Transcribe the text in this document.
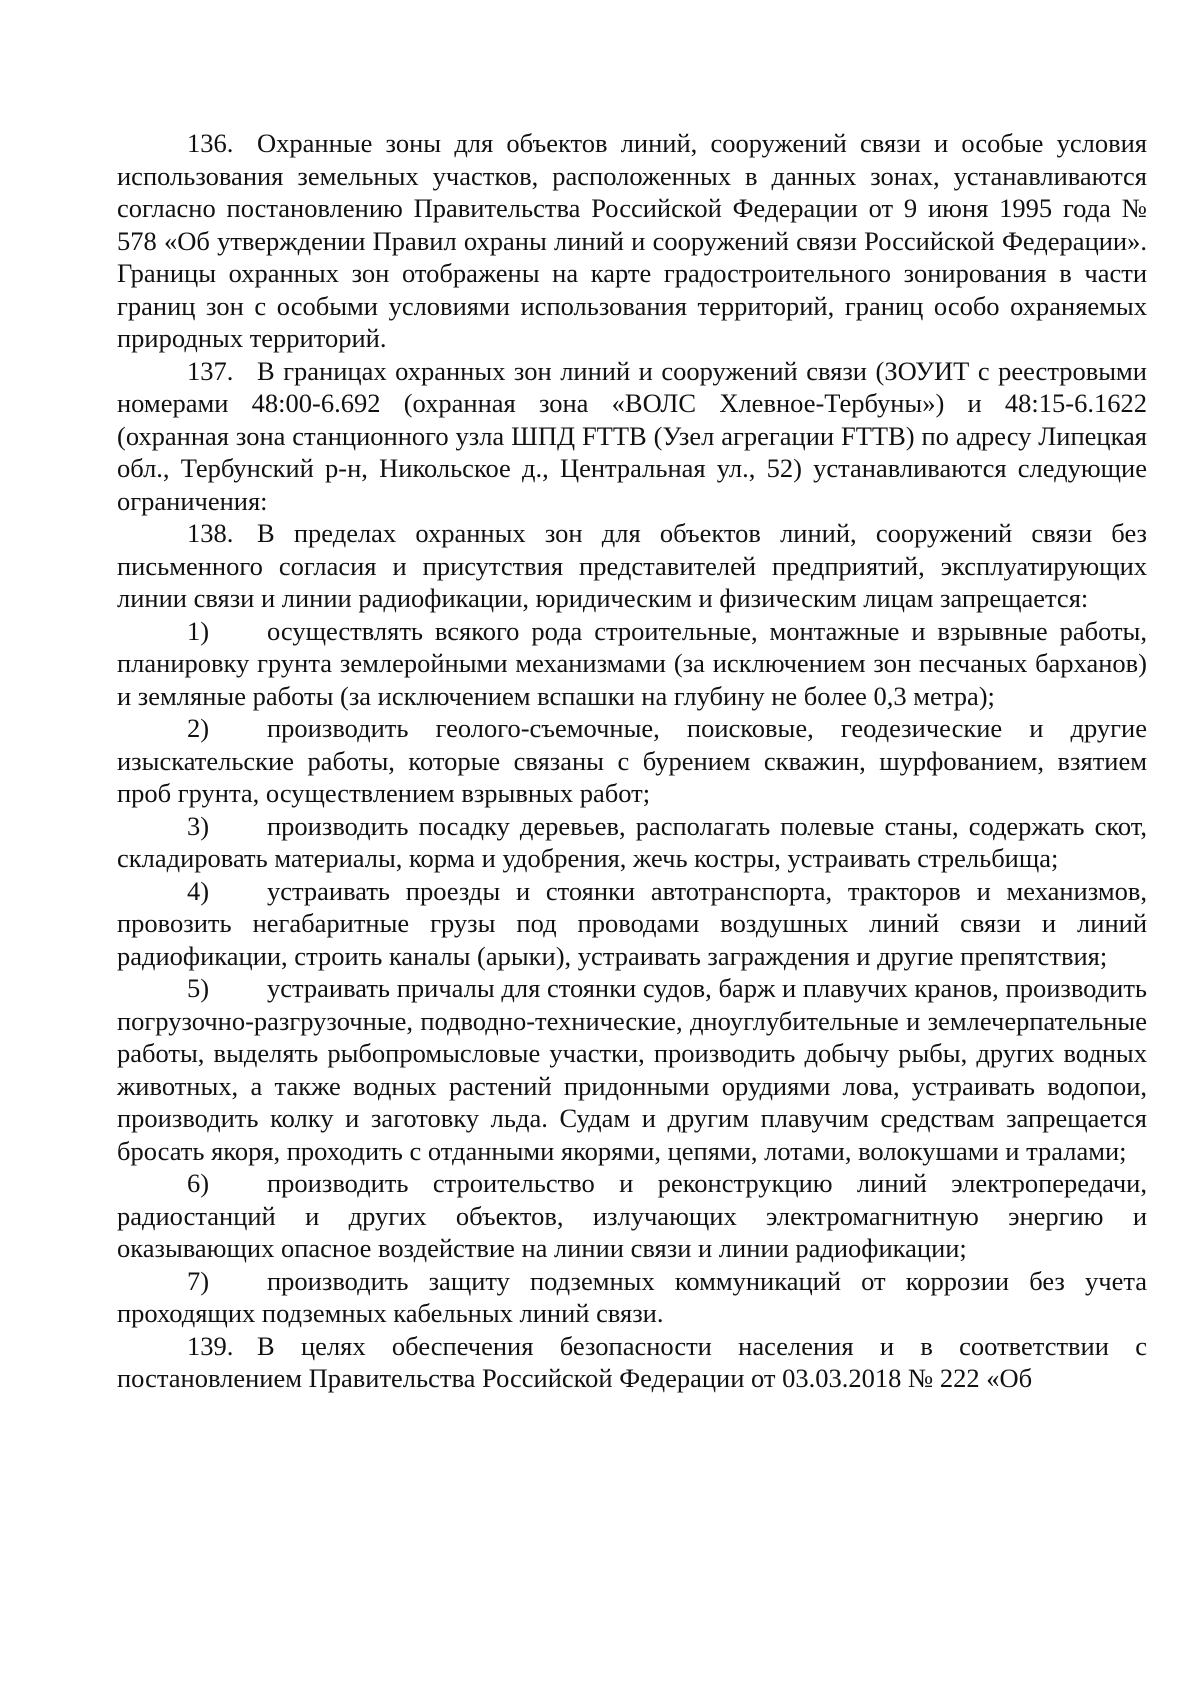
136. Охранные зоны для объектов линий, сооружений связи и особые условия использования земельных участков, расположенных в данных зонах, устанавливаются согласно постановлению Правительства Российской Федерации от 9 июня 1995 года № 578 «Об утверждении Правил охраны линий и сооружений связи Российской Федерации». Границы охранных зон отображены на карте градостроительного зонирования в части границ зон с особыми условиями использования территорий, границ особо охраняемых природных территорий.

137. В границах охранных зон линий и сооружений связи (ЗОУИТ с реестровыми номерами 48:00-6.692 (охранная зона «ВОЛС Хлевное-Тербуны») и 48:15-6.1622 (охранная зона станционного узла ШПД FTTB (Узел агрегации FTTB) по адресу Липецкая обл., Тербунский р-н, Никольское д., Центральная ул., 52) устанавливаются следующие ограничения:

138. В пределах охранных зон для объектов линий, сооружений связи без письменного согласия и присутствия представителей предприятий, эксплуатирующих линии связи и линии радиофикации, юридическим и физическим лицам запрещается:

1) осуществлять всякого рода строительные, монтажные и взрывные работы, планировку грунта землеройными механизмами (за исключением зон песчаных барханов) и земляные работы (за исключением вспашки на глубину не более 0,3 метра);

2) производить геолого-съемочные, поисковые, геодезические и другие изыскательские работы, которые связаны с бурением скважин, шурфованием, взятием проб грунта, осуществлением взрывных работ;

3) производить посадку деревьев, располагать полевые станы, содержать скот, складировать материалы, корма и удобрения, жечь костры, устраивать стрельбища;

4) устраивать проезды и стоянки автотранспорта, тракторов и механизмов, провозить негабаритные грузы под проводами воздушных линий связи и линий радиофикации, строить каналы (арыки), устраивать заграждения и другие препятствия;

5) устраивать причалы для стоянки судов, барж и плавучих кранов, производить погрузочно-разгрузочные, подводно-технические, дноуглубительные и землечерпательные работы, выделять рыбопромысловые участки, производить добычу рыбы, других водных животных, а также водных растений придонными орудиями лова, устраивать водопои, производить колку и заготовку льда. Судам и другим плавучим средствам запрещается бросать якоря, проходить с отданными якорями, цепями, лотами, волокушами и тралами;

6) производить строительство и реконструкцию линий электропередачи, радиостанций и других объектов, излучающих электромагнитную энергию и оказывающих опасное воздействие на линии связи и линии радиофикации;

7) производить защиту подземных коммуникаций от коррозии без учета проходящих подземных кабельных линий связи.

139. В целях обеспечения безопасности населения и в соответствии с постановлением Правительства Российской Федерации от 03.03.2018 № 222 «Об
